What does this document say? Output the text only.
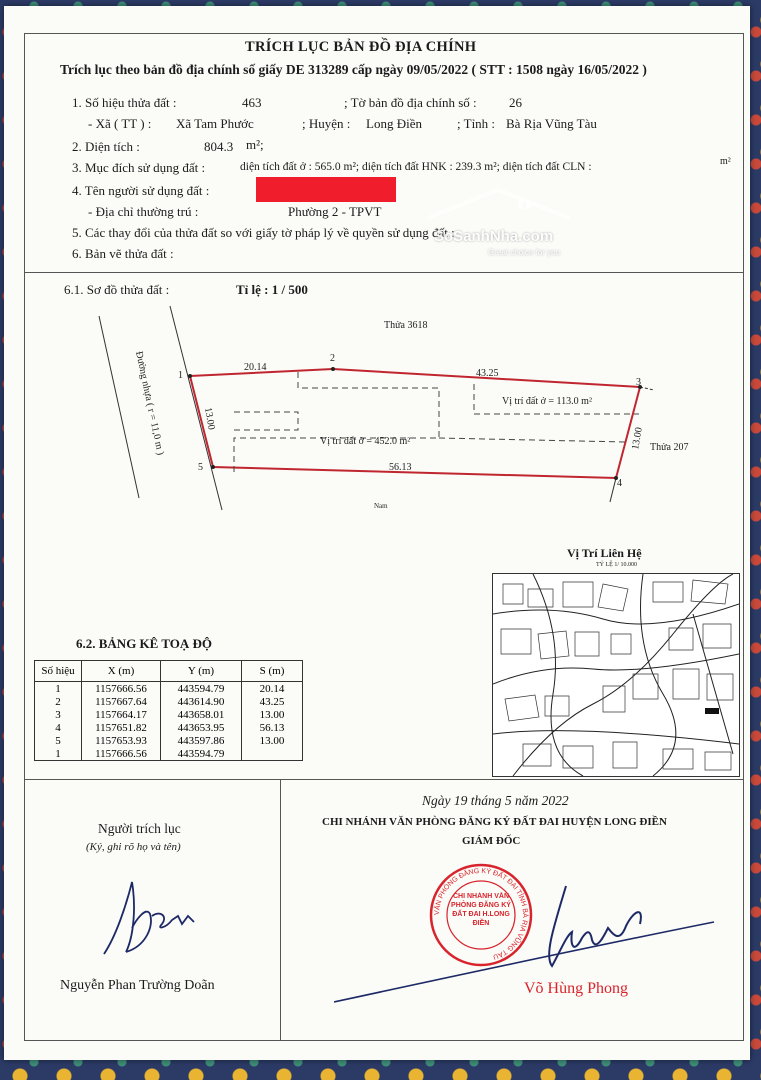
TRÍCH LỤC BẢN ĐỒ ĐỊA CHÍNH
Trích lục theo bản đồ địa chính số giấy DE 313289 cấp ngày 09/05/2022 ( STT : 1508 ngày 16/05/2022 )
1. Số hiệu thửa đất :	463	; Tờ bản đồ địa chính số : 26
- Xã ( TT ) : Xã Tam Phước	; Huyện : Long Điền	; Tỉnh : Bà Rịa Vũng Tàu
2. Diện tích :	804.3 m²;
3. Mục đích sử dụng đất :	diện tích đất ở : 565.0 m²; diện tích đất HNK : 239.3 m²; diện tích đất CLN :	m²
4. Tên người sử dụng đất :
- Địa chỉ thường trú :	Phường 2 - TPVT
5. Các thay đổi của thửa đất so với giấy tờ pháp lý về quyền sử dụng đất :
6. Bản vẽ thửa đất :
SoSanhNha.com
Great choice for you
6.1. Sơ đồ thửa đất :	Tỉ lệ : 1 / 500
Đường nhựa ( r = 11,0 m ) 1
2
3
4
5
20.14
43.25
56.13
13.00
13.00
Thửa 3618
Thửa 207
Vị trí đất ở = 113.0 m²
Vị trí đất ở = 452.0 m²
Nam
Vị Trí Liên Hệ
TỶ LỆ 1/ 10.000
6.2. BẢNG KÊ TOẠ ĐỘ
Số hiệu	X (m)	Y (m)	S (m)
1	1157666.56	443594.79	20.14
2	1157667.64	443614.90	43.25
3	1157664.17	443658.01	13.00
4	1157651.82	443653.95	56.13
5	1157653.93	443597.86	13.00
1	1157666.56	443594.79	
Người trích lục
(Ký, ghi rõ họ và tên)
Nguyễn Phan Trường Doãn
Ngày 19 tháng 5 năm 2022
CHI NHÁNH VĂN PHÒNG ĐĂNG KÝ ĐẤT ĐAI HUYỆN LONG ĐIỀN
GIÁM ĐỐC
VĂN PHÒNG ĐĂNG KÝ ĐẤT ĐAI TỈNH BÀ RỊA VŨNG TÀU
CHI NHÁNH VĂN PHÒNG ĐĂNG KÝ ĐẤT ĐAI H.LONG ĐIỀN
Võ Hùng Phong
